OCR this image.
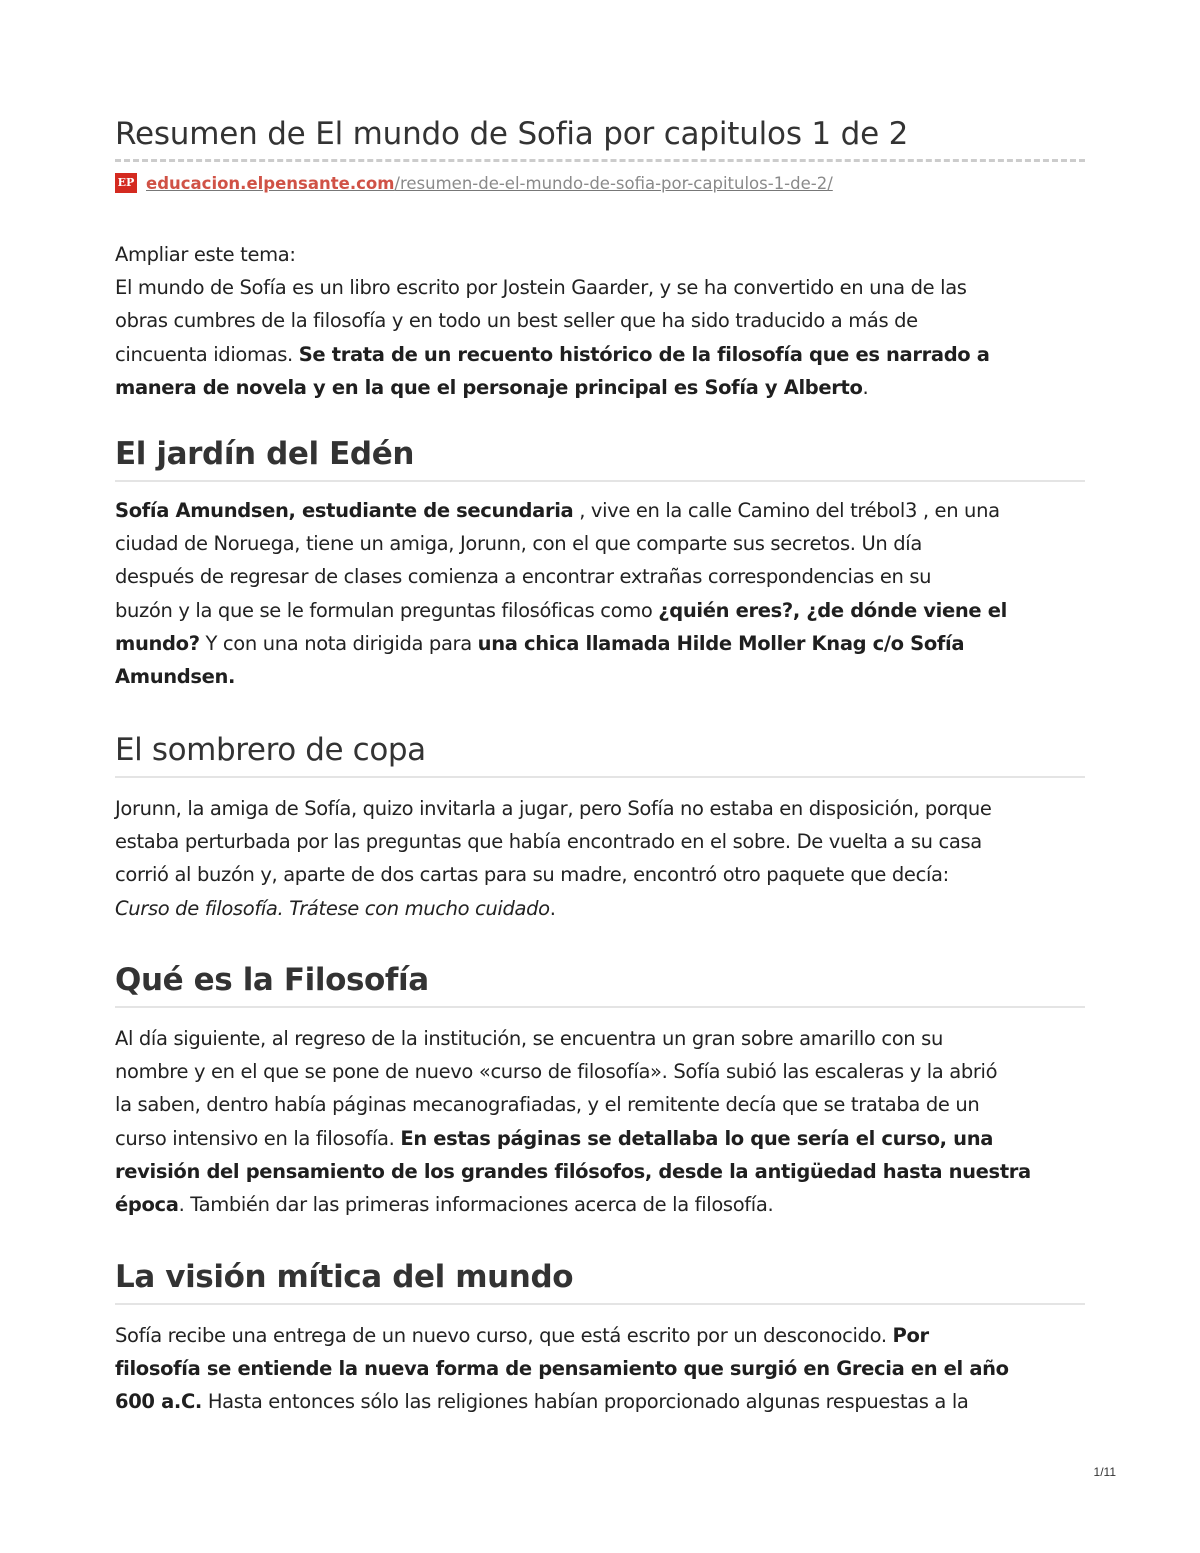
Resumen de El mundo de Sofia por capitulos 1 de 2
EP educacion.elpensante.com/resumen-de-el-mundo-de-sofia-por-capitulos-1-de-2/
Ampliar este tema:
El mundo de Sofía es un libro escrito por Jostein Gaarder, y se ha convertido en una de las
obras cumbres de la filosofía y en todo un best seller que ha sido traducido a más de
cincuenta idiomas. Se trata de un recuento histórico de la filosofía que es narrado a
manera de novela y en la que el personaje principal es Sofía y Alberto.
El jardín del Edén
Sofía Amundsen, estudiante de secundaria , vive en la calle Camino del trébol3 , en una
ciudad de Noruega, tiene un amiga, Jorunn, con el que comparte sus secretos. Un día
después de regresar de clases comienza a encontrar extrañas correspondencias en su
buzón y la que se le formulan preguntas filosóficas como ¿quién eres?, ¿de dónde viene el
mundo? Y con una nota dirigida para una chica llamada Hilde Moller Knag c/o Sofía
Amundsen.
El sombrero de copa
Jorunn, la amiga de Sofía, quizo invitarla a jugar, pero Sofía no estaba en disposición, porque
estaba perturbada por las preguntas que había encontrado en el sobre. De vuelta a su casa
corrió al buzón y, aparte de dos cartas para su madre, encontró otro paquete que decía:
Curso de filosofía. Trátese con mucho cuidado.
Qué es la Filosofía
Al día siguiente, al regreso de la institución, se encuentra un gran sobre amarillo con su
nombre y en el que se pone de nuevo «curso de filosofía». Sofía subió las escaleras y la abrió
la saben, dentro había páginas mecanografiadas, y el remitente decía que se trataba de un
curso intensivo en la filosofía. En estas páginas se detallaba lo que sería el curso, una
revisión del pensamiento de los grandes filósofos, desde la antigüedad hasta nuestra
época. También dar las primeras informaciones acerca de la filosofía.
La visión mítica del mundo
Sofía recibe una entrega de un nuevo curso, que está escrito por un desconocido. Por
filosofía se entiende la nueva forma de pensamiento que surgió en Grecia en el año
600 a.C. Hasta entonces sólo las religiones habían proporcionado algunas respuestas a la
1/11
